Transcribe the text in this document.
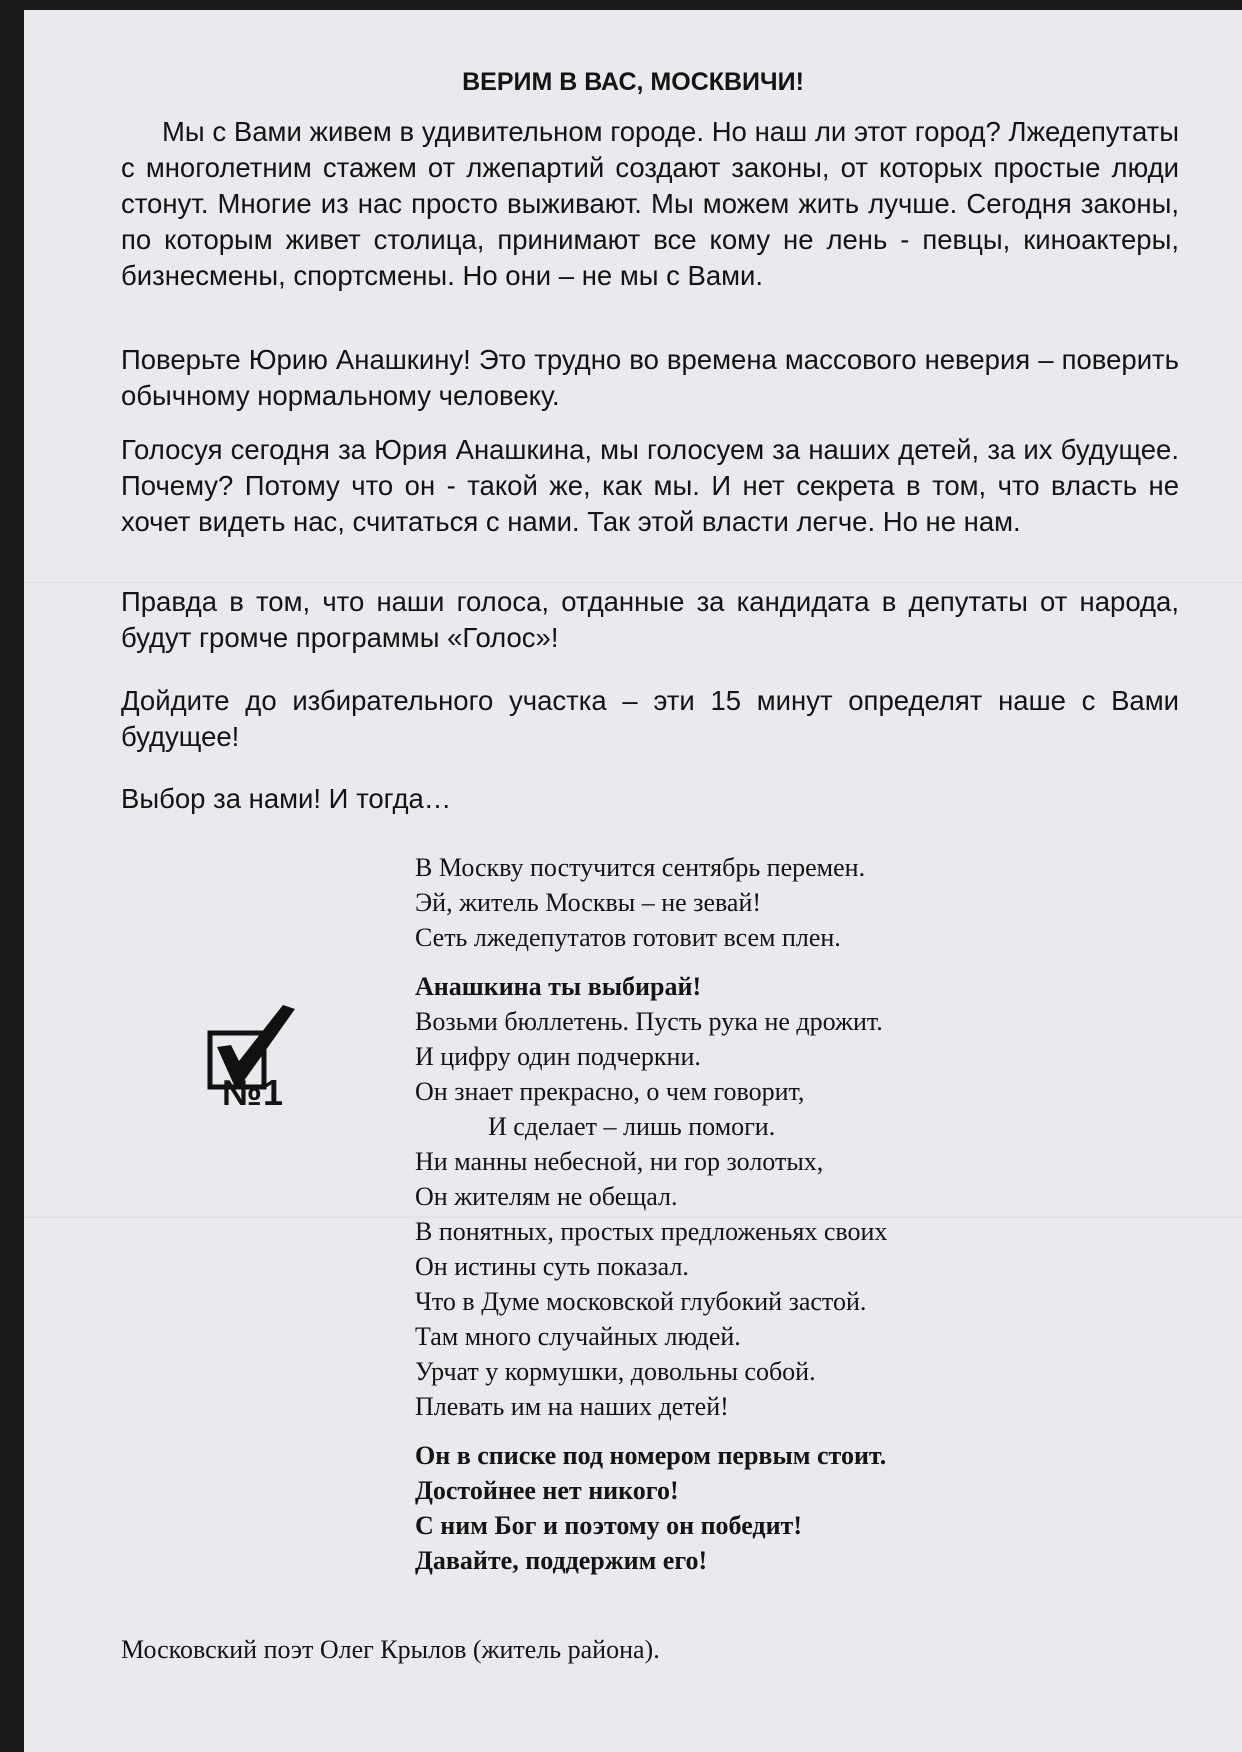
ВЕРИМ В ВАС, МОСКВИЧИ!

Мы с Вами живем в удивительном городе. Но наш ли этот город? Лжедепутаты с многолетним стажем от лжепартий создают законы, от которых простые люди стонут. Многие из нас просто выживают. Мы можем жить лучше. Сегодня законы, по которым живет столица, принимают все кому не лень - певцы, киноактеры, бизнесмены, спортсмены. Но они – не мы с Вами.

Поверьте Юрию Анашкину! Это трудно во времена массового неверия – поверить обычному нормальному человеку.

Голосуя сегодня за Юрия Анашкина, мы голосуем за наших детей, за их будущее. Почему? Потому что он - такой же, как мы. И нет секрета в том, что власть не хочет видеть нас, считаться с нами. Так этой власти легче. Но не нам.

Правда в том, что наши голоса, отданные за кандидата в депутаты от народа, будут громче программы «Голос»!

Дойдите до избирательного участка – эти 15 минут определят наше с Вами будущее!

Выбор за нами! И тогда…

В Москву постучится сентябрь перемен.
Эй, житель Москвы – не зевай!
Сеть лжедепутатов готовит всем плен.
Анашкина ты выбирай!
Возьми бюллетень. Пусть рука не дрожит.
И цифру один подчеркни.
Он знает прекрасно, о чем говорит,
И сделает – лишь помоги.
Ни манны небесной, ни гор золотых,
Он жителям не обещал.
В понятных, простых предложеньях своих
Он истины суть показал.
Что в Думе московской глубокий застой.
Там много случайных людей.
Урчат у кормушки, довольны собой.
Плевать им на наших детей!
Он в списке под номером первым стоит.
Достойнее нет никого!
С ним Бог и поэтому он победит!
Давайте, поддержим его!
№1
Московский поэт Олег Крылов (житель района).
